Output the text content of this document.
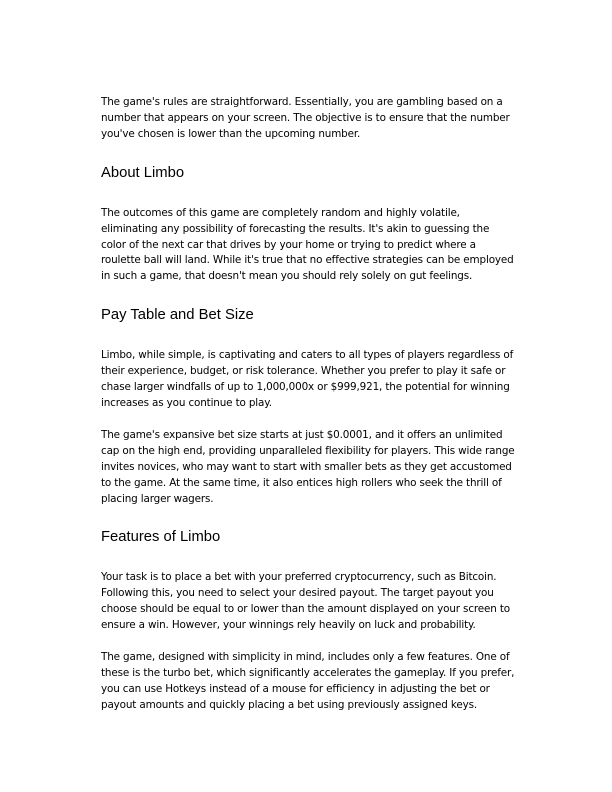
The game's rules are straightforward. Essentially, you are gambling based on a number that appears on your screen. The objective is to ensure that the number you've chosen is lower than the upcoming number.

About Limbo

The outcomes of this game are completely random and highly volatile, eliminating any possibility of forecasting the results. It's akin to guessing the color of the next car that drives by your home or trying to predict where a roulette ball will land. While it's true that no effective strategies can be employed in such a game, that doesn't mean you should rely solely on gut feelings.

Pay Table and Bet Size

Limbo, while simple, is captivating and caters to all types of players regardless of their experience, budget, or risk tolerance. Whether you prefer to play it safe or chase larger windfalls of up to 1,000,000x or $999,921, the potential for winning increases as you continue to play.

The game's expansive bet size starts at just $0.0001, and it offers an unlimited cap on the high end, providing unparalleled flexibility for players. This wide range invites novices, who may want to start with smaller bets as they get accustomed to the game. At the same time, it also entices high rollers who seek the thrill of placing larger wagers.

Features of Limbo

Your task is to place a bet with your preferred cryptocurrency, such as Bitcoin. Following this, you need to select your desired payout. The target payout you choose should be equal to or lower than the amount displayed on your screen to ensure a win. However, your winnings rely heavily on luck and probability.

The game, designed with simplicity in mind, includes only a few features. One of these is the turbo bet, which significantly accelerates the gameplay. If you prefer, you can use Hotkeys instead of a mouse for efficiency in adjusting the bet or payout amounts and quickly placing a bet using previously assigned keys.
